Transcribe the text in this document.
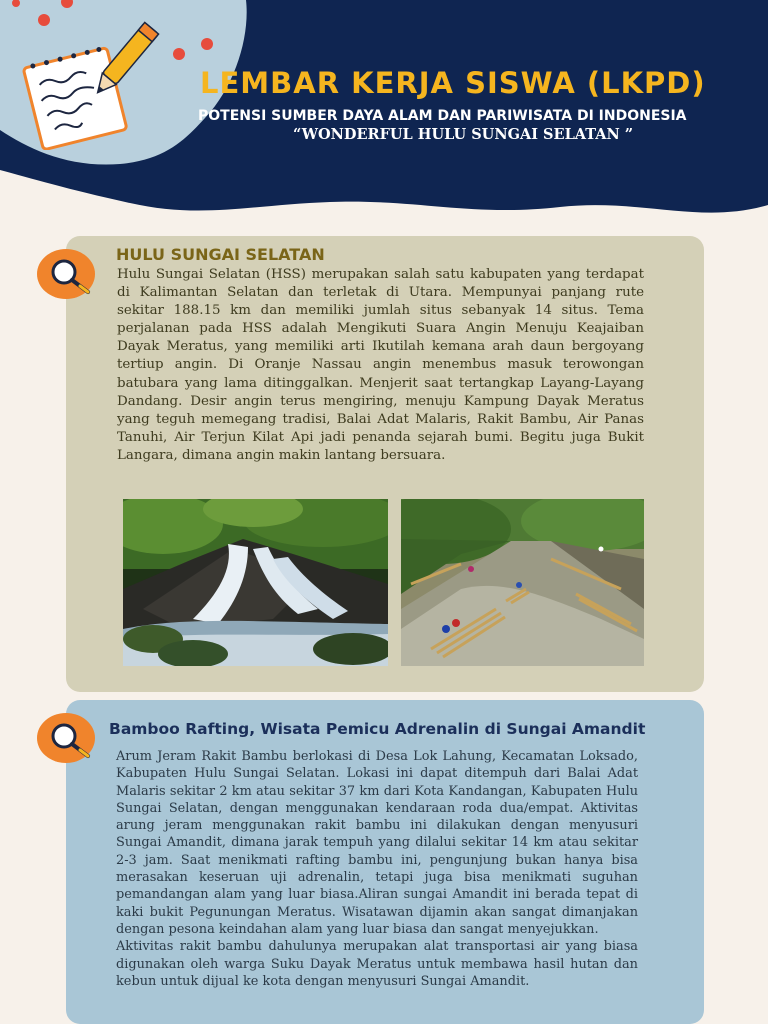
LEMBAR KERJA SISWA (LKPD)
POTENSI SUMBER DAYA ALAM DAN PARIWISATA DI INDONESIA
“WONDERFUL HULU SUNGAI SELATAN ”
HULU SUNGAI SELATAN
Hulu Sungai Selatan (HSS) merupakan salah satu kabupaten yang terdapat di Kalimantan Selatan dan terletak di Utara. Mempunyai panjang rute sekitar 188.15 km dan memiliki jumlah situs sebanyak 14 situs. Tema perjalanan pada HSS adalah Mengikuti Suara Angin Menuju Keajaiban Dayak Meratus, yang memiliki arti Ikutilah kemana arah daun bergoyang tertiup angin. Di Oranje Nassau angin menembus masuk terowongan batubara yang lama ditinggalkan. Menjerit saat tertangkap Layang-Layang Dandang. Desir angin terus mengiring, menuju Kampung Dayak Meratus yang teguh memegang tradisi, Balai Adat Malaris, Rakit Bambu, Air Panas Tanuhi, Air Terjun Kilat Api jadi penanda sejarah bumi. Begitu juga Bukit Langara, dimana angin makin lantang bersuara.
Bamboo Rafting, Wisata Pemicu Adrenalin di Sungai Amandit

Arum Jeram Rakit Bambu berlokasi di Desa Lok Lahung, Kecamatan Loksado, Kabupaten Hulu Sungai Selatan. Lokasi ini dapat ditempuh dari Balai Adat Malaris sekitar 2 km atau sekitar 37 km dari Kota Kandangan, Kabupaten Hulu Sungai Selatan, dengan menggunakan kendaraan roda dua/empat. Aktivitas arung jeram menggunakan rakit bambu ini dilakukan dengan menyusuri Sungai Amandit, dimana jarak tempuh yang dilalui sekitar 14 km atau sekitar 2-3 jam. Saat menikmati rafting bambu ini, pengunjung bukan hanya bisa merasakan keseruan uji adrenalin, tetapi juga bisa menikmati suguhan pemandangan alam yang luar biasa.Aliran sungai Amandit ini berada tepat di kaki bukit Pegunungan Meratus. Wisatawan dijamin akan sangat dimanjakan dengan pesona keindahan alam yang luar biasa dan sangat menyejukkan.

Aktivitas rakit bambu dahulunya merupakan alat transportasi air yang biasa digunakan oleh warga Suku Dayak Meratus untuk membawa hasil hutan dan kebun untuk dijual ke kota dengan menyusuri Sungai Amandit.
